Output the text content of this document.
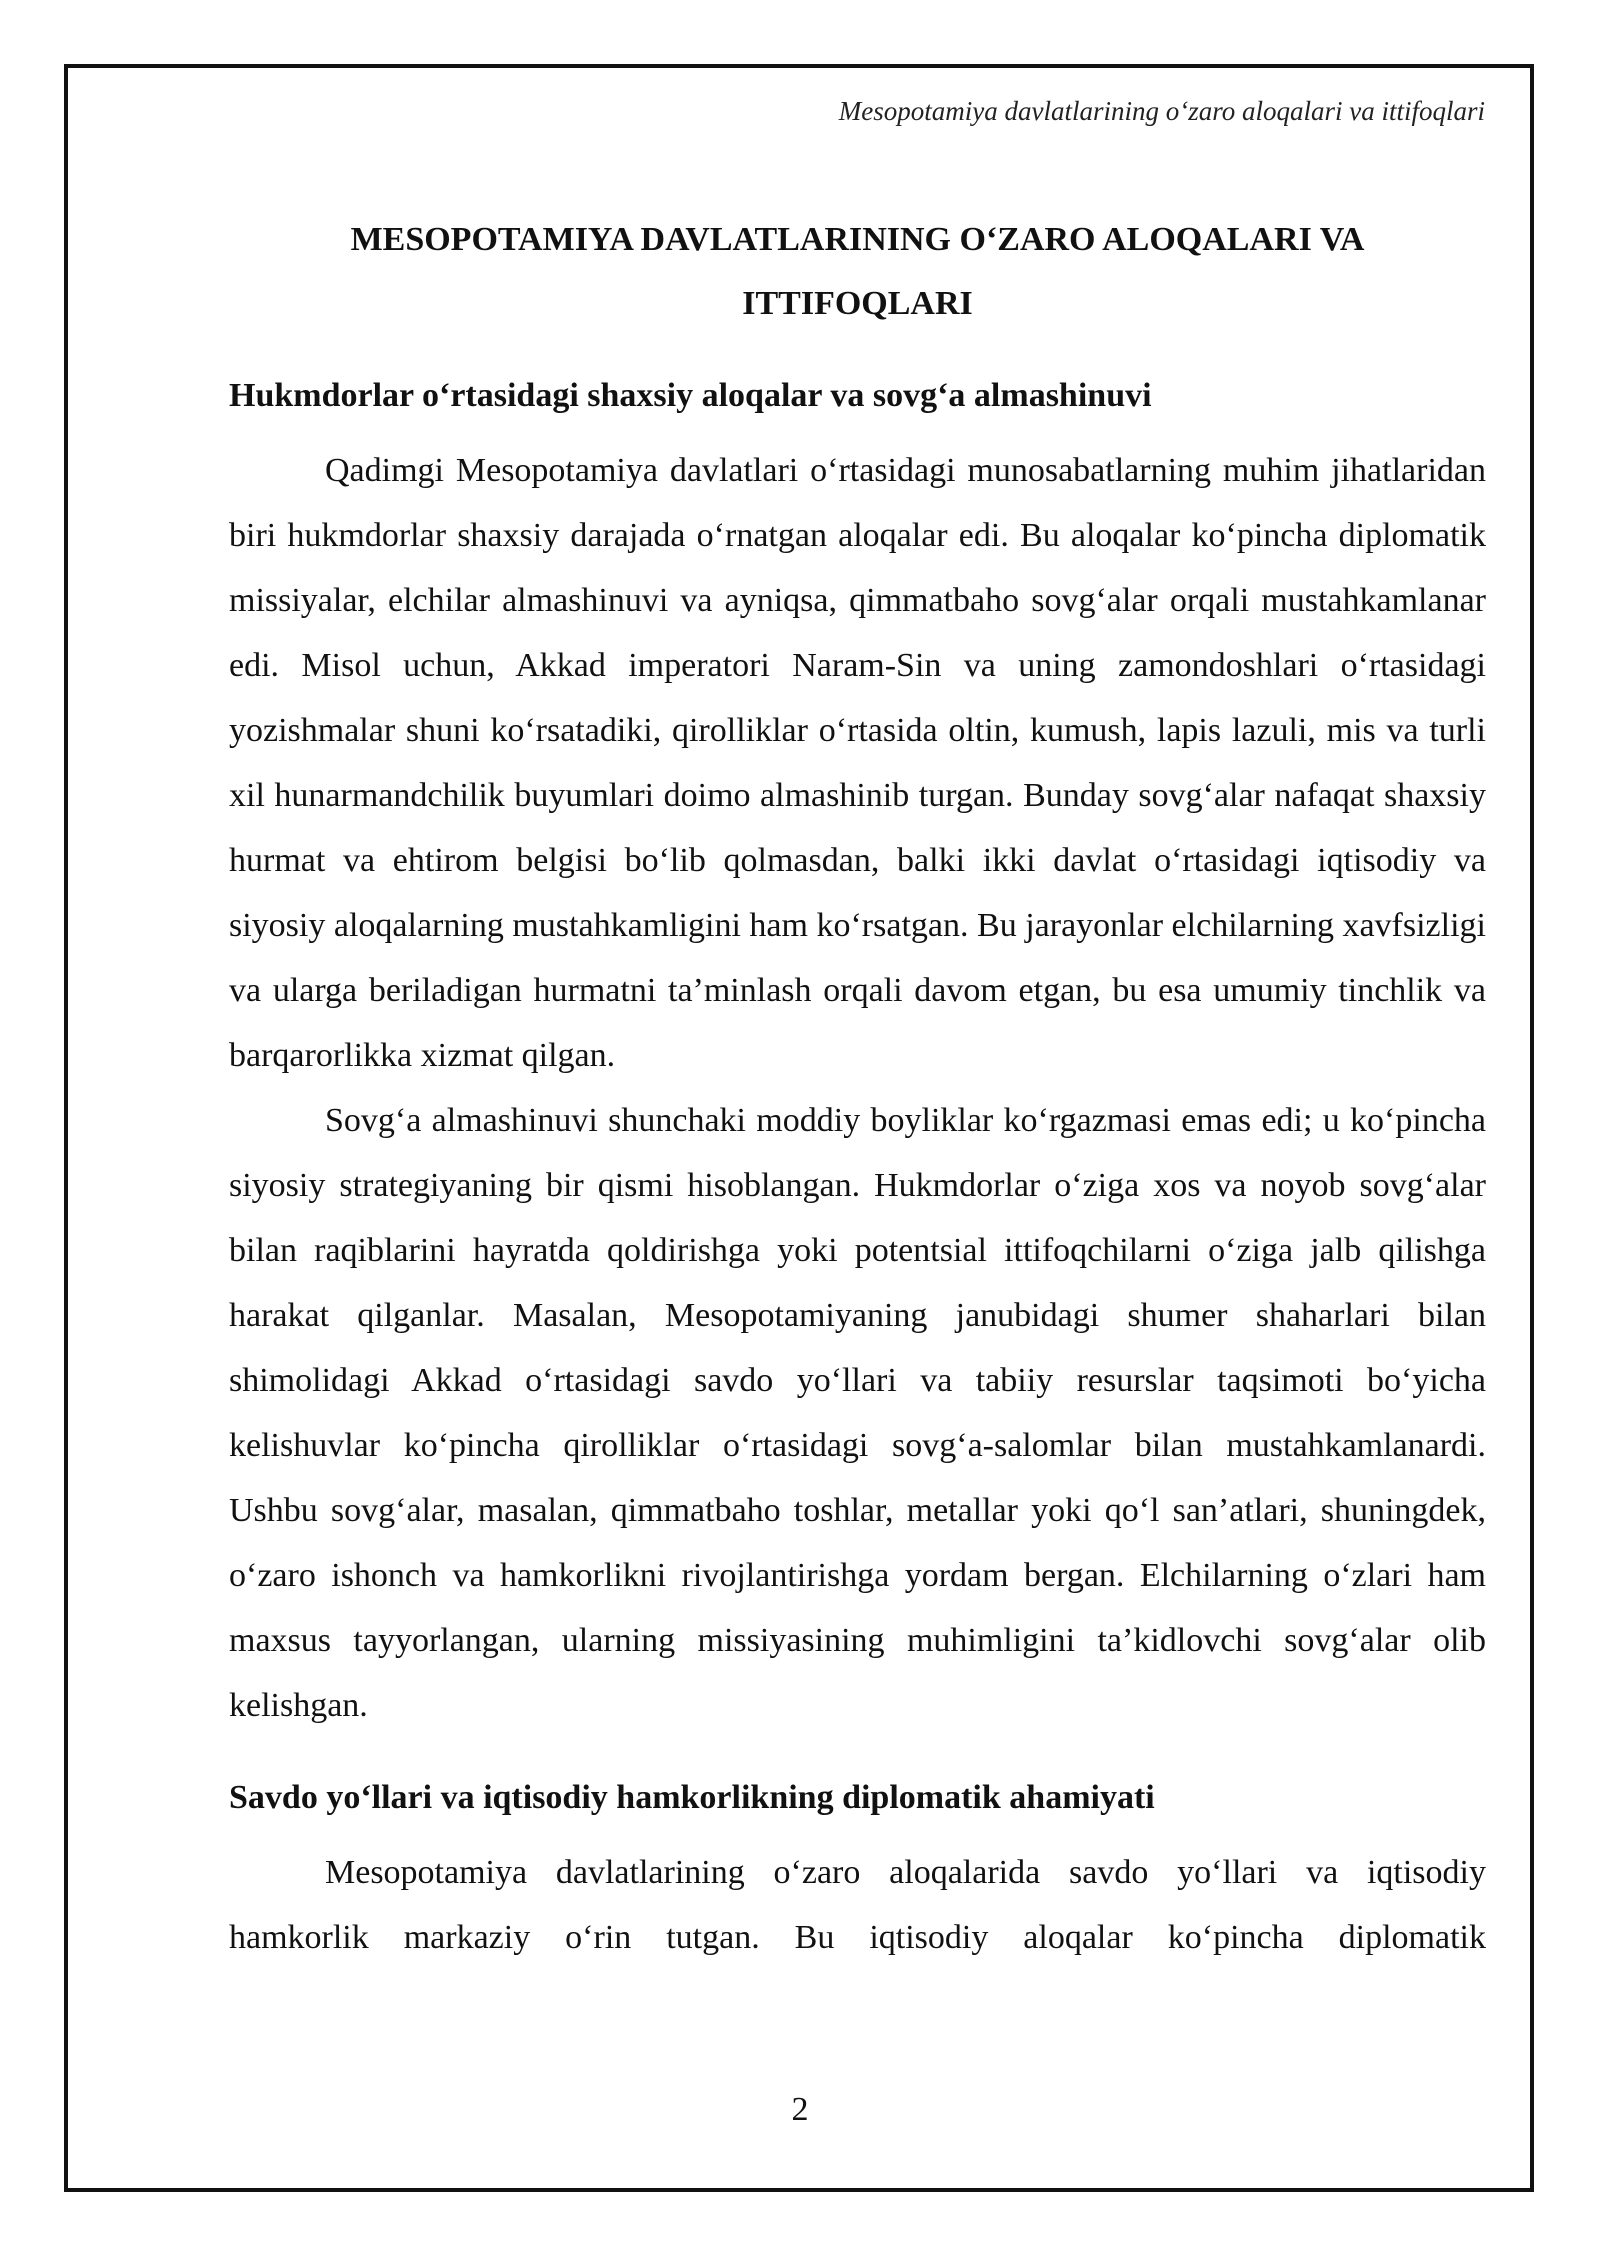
Mesopotamiya davlatlarining o‘zaro aloqalari va ittifoqlari
MESOPOTAMIYA DAVLATLARINING O‘ZARO ALOQALARI VA
ITTIFOQLARI
Hukmdorlar o‘rtasidagi shaxsiy aloqalar va sovg‘a almashinuvi

Qadimgi Mesopotamiya davlatlari o‘rtasidagi munosabatlarning muhim jihatlaridan biri hukmdorlar shaxsiy darajada o‘rnatgan aloqalar edi. Bu aloqalar ko‘pincha diplomatik missiyalar, elchilar almashinuvi va ayniqsa, qimmatbaho sovg‘alar orqali mustahkamlanar edi. Misol uchun, Akkad imperatori Naram-Sin va uning zamondoshlari o‘rtasidagi yozishmalar shuni ko‘rsatadiki, qirolliklar o‘rtasida oltin, kumush, lapis lazuli, mis va turli xil hunarmandchilik buyumlari doimo almashinib turgan. Bunday sovg‘alar nafaqat shaxsiy hurmat va ehtirom belgisi bo‘lib qolmasdan, balki ikki davlat o‘rtasidagi iqtisodiy va siyosiy aloqalarning mustahkamligini ham ko‘rsatgan. Bu jarayonlar elchilarning xavfsizligi va ularga beriladigan hurmatni ta’minlash orqali davom etgan, bu esa umumiy tinchlik va barqarorlikka xizmat qilgan.

Sovg‘a almashinuvi shunchaki moddiy boyliklar ko‘rgazmasi emas edi; u ko‘pincha siyosiy strategiyaning bir qismi hisoblangan. Hukmdorlar o‘ziga xos va noyob sovg‘alar bilan raqiblarini hayratda qoldirishga yoki potentsial ittifoqchilarni o‘ziga jalb qilishga harakat qilganlar. Masalan, Mesopotamiyaning janubidagi shumer shaharlari bilan shimolidagi Akkad o‘rtasidagi savdo yo‘llari va tabiiy resurslar taqsimoti bo‘yicha kelishuvlar ko‘pincha qirolliklar o‘rtasidagi sovg‘a-salomlar bilan mustahkamlanardi. Ushbu sovg‘alar, masalan, qimmatbaho toshlar, metallar yoki qo‘l san’atlari, shuningdek, o‘zaro ishonch va hamkorlikni rivojlantirishga yordam bergan. Elchilarning o‘zlari ham maxsus tayyorlangan, ularning missiyasining muhimligini ta’kidlovchi sovg‘alar olib kelishgan.

Savdo yo‘llari va iqtisodiy hamkorlikning diplomatik ahamiyati

Mesopotamiya davlatlarining o‘zaro aloqalarida savdo yo‘llari va iqtisodiy hamkorlik markaziy o‘rin tutgan. Bu iqtisodiy aloqalar ko‘pincha diplomatik

2
